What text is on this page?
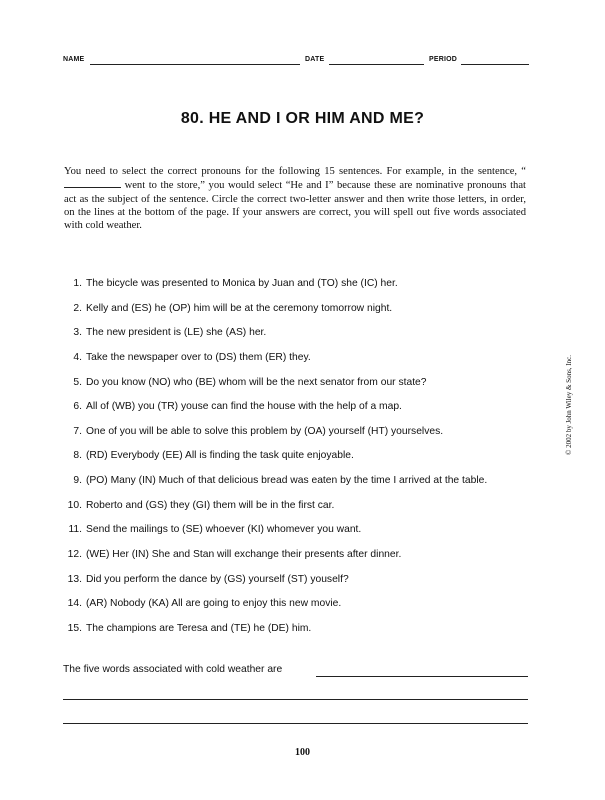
NAME	DATE	PERIOD
80. HE AND I OR HIM AND ME?
You need to select the correct pronouns for the following 15 sentences. For example, in the sentence, “ went to the store,” you would select “He and I” because these are nominative pronouns that act as the subject of the sentence. Circle the correct two-letter answer and then write those letters, in order, on the lines at the bottom of the page. If your answers are correct, you will spell out five words associated with cold weather.
1. The bicycle was presented to Monica by Juan and (TO) she (IC) her.
2. Kelly and (ES) he (OP) him will be at the ceremony tomorrow night.
3. The new president is (LE) she (AS) her.
4. Take the newspaper over to (DS) them (ER) they.
5. Do you know (NO) who (BE) whom will be the next senator from our state?
6. All of (WB) you (TR) youse can find the house with the help of a map.
7. One of you will be able to solve this problem by (OA) yourself (HT) yourselves.
8. (RD) Everybody (EE) All is finding the task quite enjoyable.
9. (PO) Many (IN) Much of that delicious bread was eaten by the time I arrived at the table.
10. Roberto and (GS) they (GI) them will be in the first car.
11. Send the mailings to (SE) whoever (KI) whomever you want.
12. (WE) Her (IN) She and Stan will exchange their presents after dinner.
13. Did you perform the dance by (GS) yourself (ST) youself?
14. (AR) Nobody (KA) All are going to enjoy this new movie.
15. The champions are Teresa and (TE) he (DE) him.
The five words associated with cold weather are
© 2002 by John Wiley & Sons, Inc.
100
